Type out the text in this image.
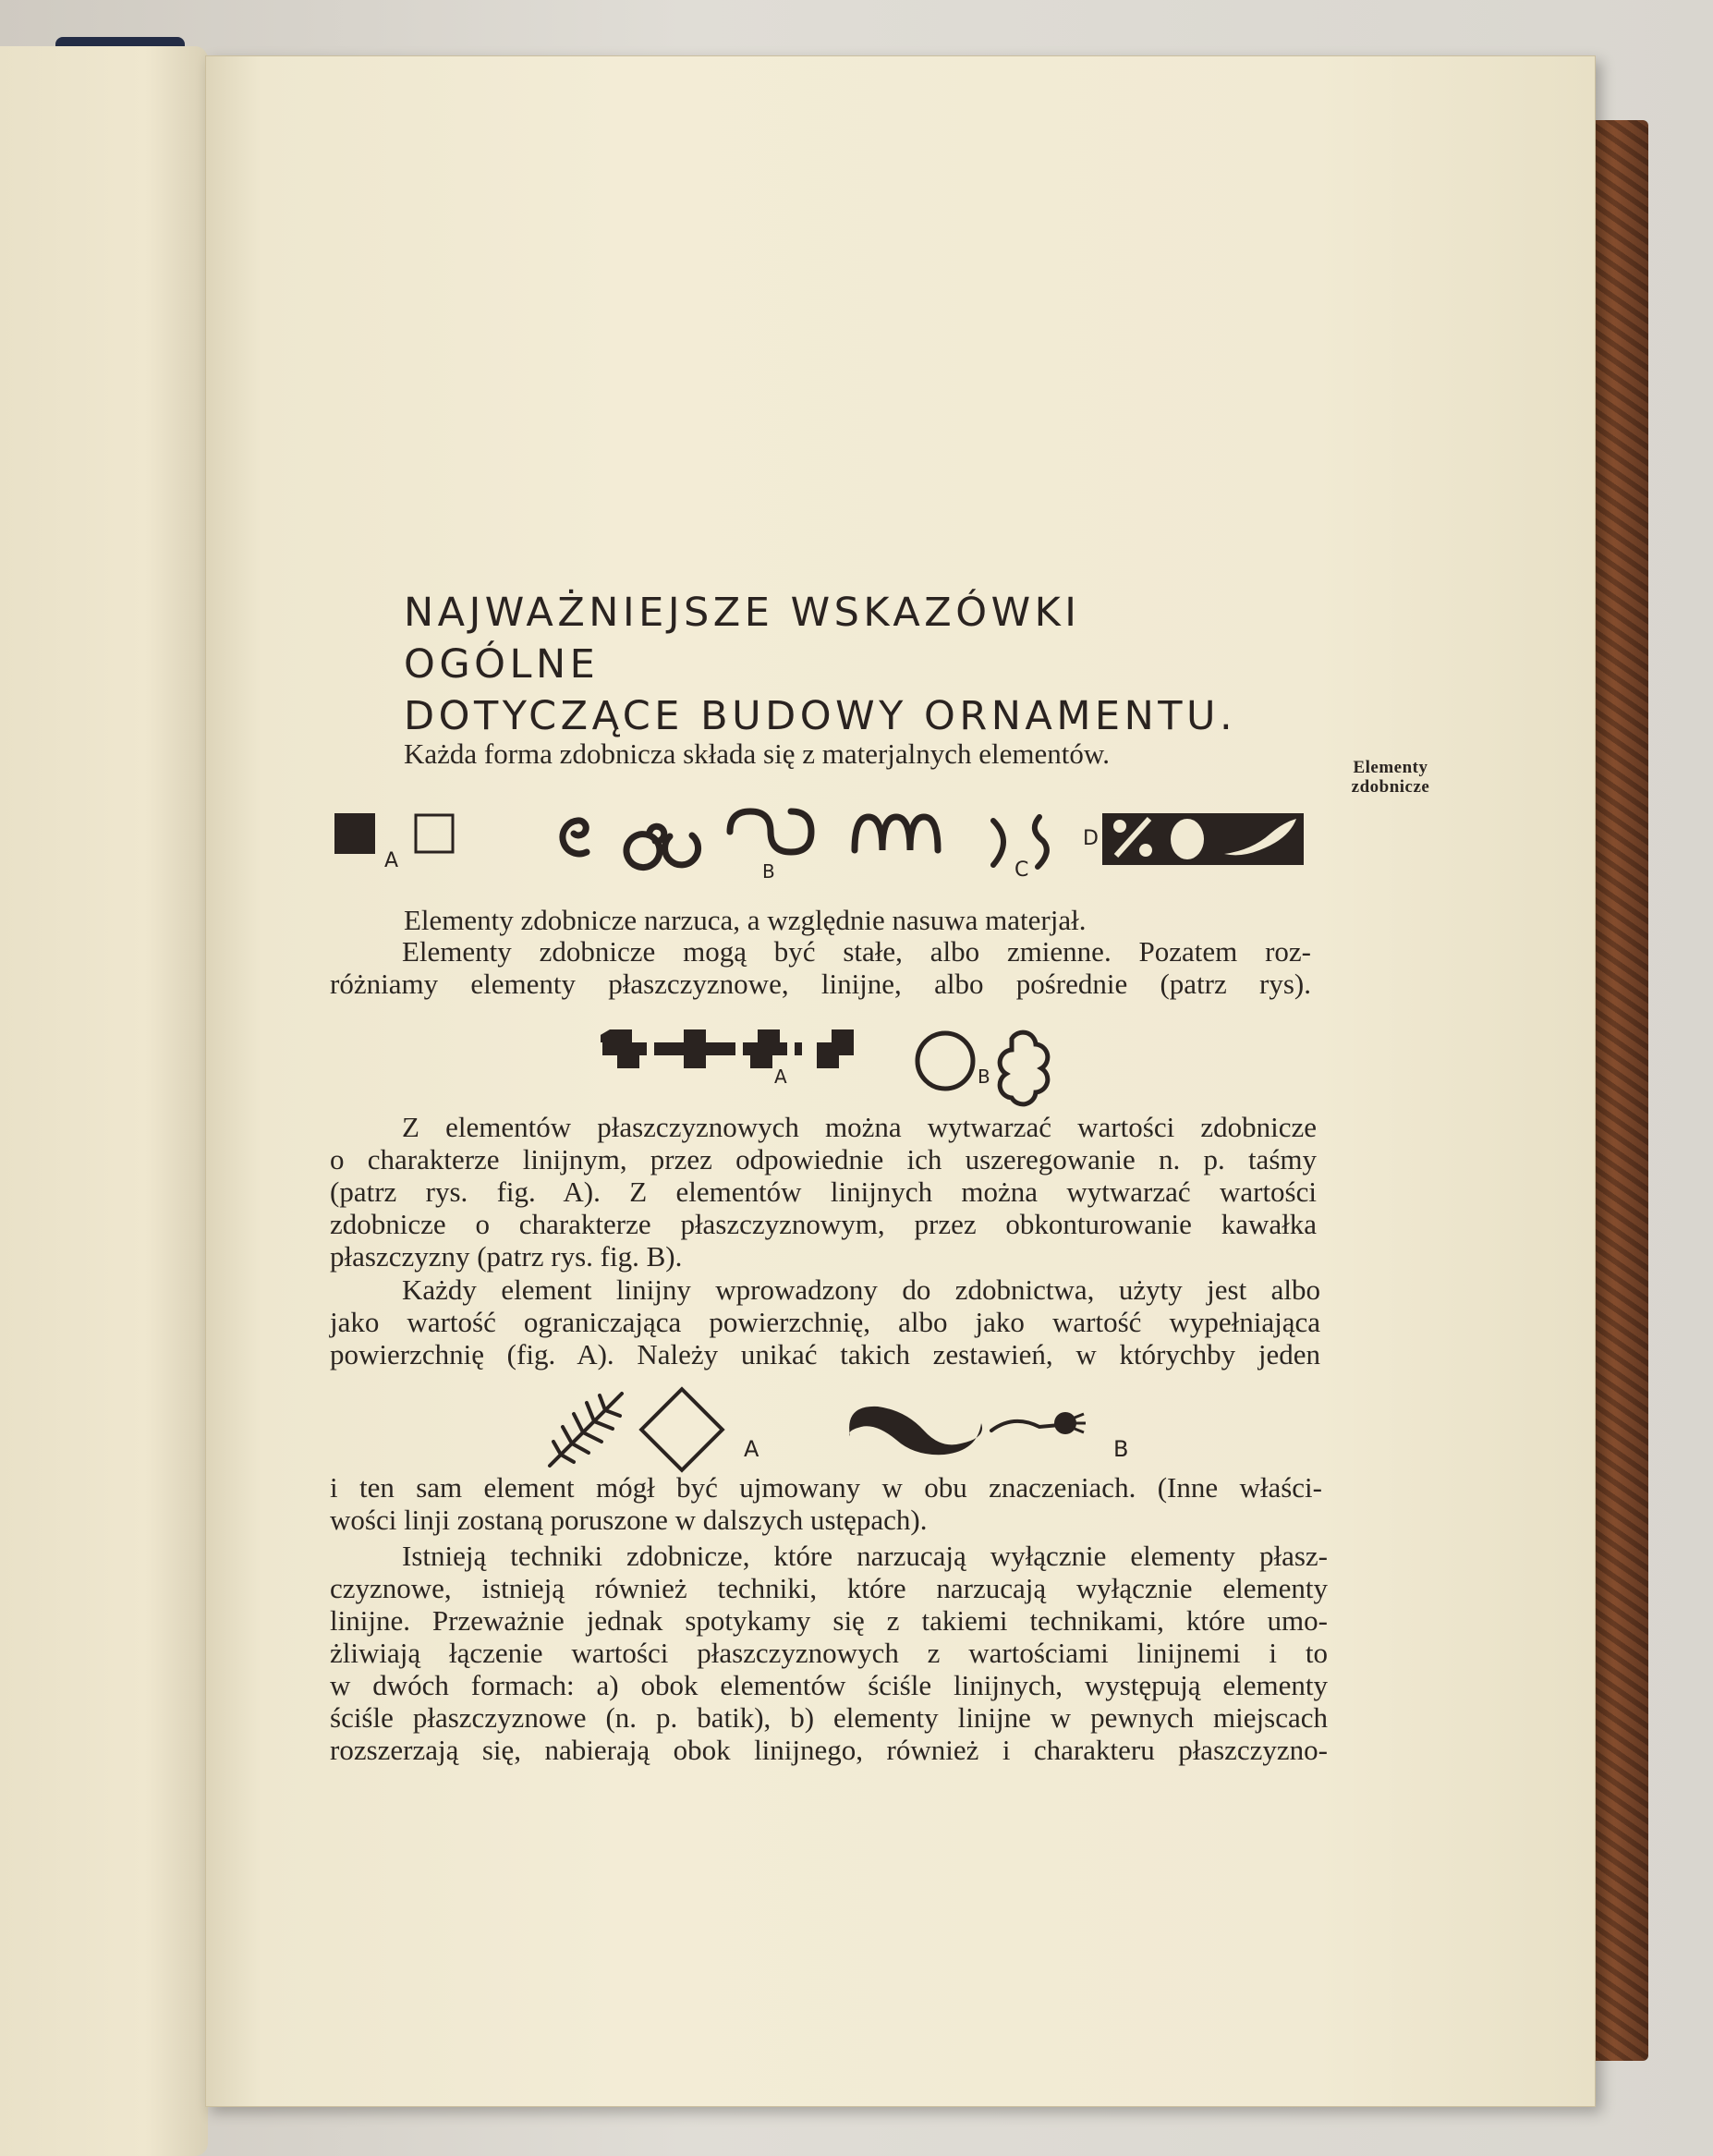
NAJWAŻNIEJSZE WSKAZÓWKI OGÓLNE
DOTYCZĄCE BUDOWY ORNAMENTU.
Elementy
zdobnicze

Każda forma zdobnicza składa się z materjalnych elementów.

A	B	C
D

Elementy zdobnicze narzuca, a względnie nasuwa materjał.

Elementy zdobnicze mogą być stałe, albo zmienne. Pozatem roz-
różniamy elementy płaszczyznowe, linijne, albo pośrednie (patrz rys).

A	B

Z elementów płaszczyznowych można wytwarzać wartości zdobnicze
o charakterze linijnym, przez odpowiednie ich uszeregowanie n. p. taśmy
(patrz rys. fig. A). Z elementów linijnych można wytwarzać wartości
zdobnicze o charakterze płaszczyznowym, przez obkonturowanie kawałka
płaszczyzny (patrz rys. fig. B).

Każdy element linijny wprowadzony do zdobnictwa, użyty jest albo
jako wartość ograniczająca powierzchnię, albo jako wartość wypełniająca
powierzchnię (fig. A). Należy unikać takich zestawień, w którychby jeden

A	B

i ten sam element mógł być ujmowany w obu znaczeniach. (Inne właści-
wości linji zostaną poruszone w dalszych ustępach).

Istnieją techniki zdobnicze, które narzucają wyłącznie elementy płasz-
czyznowe, istnieją również techniki, które narzucają wyłącznie elementy
linijne. Przeważnie jednak spotykamy się z takiemi technikami, które umo-
żliwiają łączenie wartości płaszczyznowych z wartościami linijnemi i to
w dwóch formach: a) obok elementów ściśle linijnych, występują elementy
ściśle płaszczyznowe (n. p. batik), b) elementy linijne w pewnych miejscach
rozszerzają się, nabierają obok linijnego, również i charakteru płaszczyzno-
